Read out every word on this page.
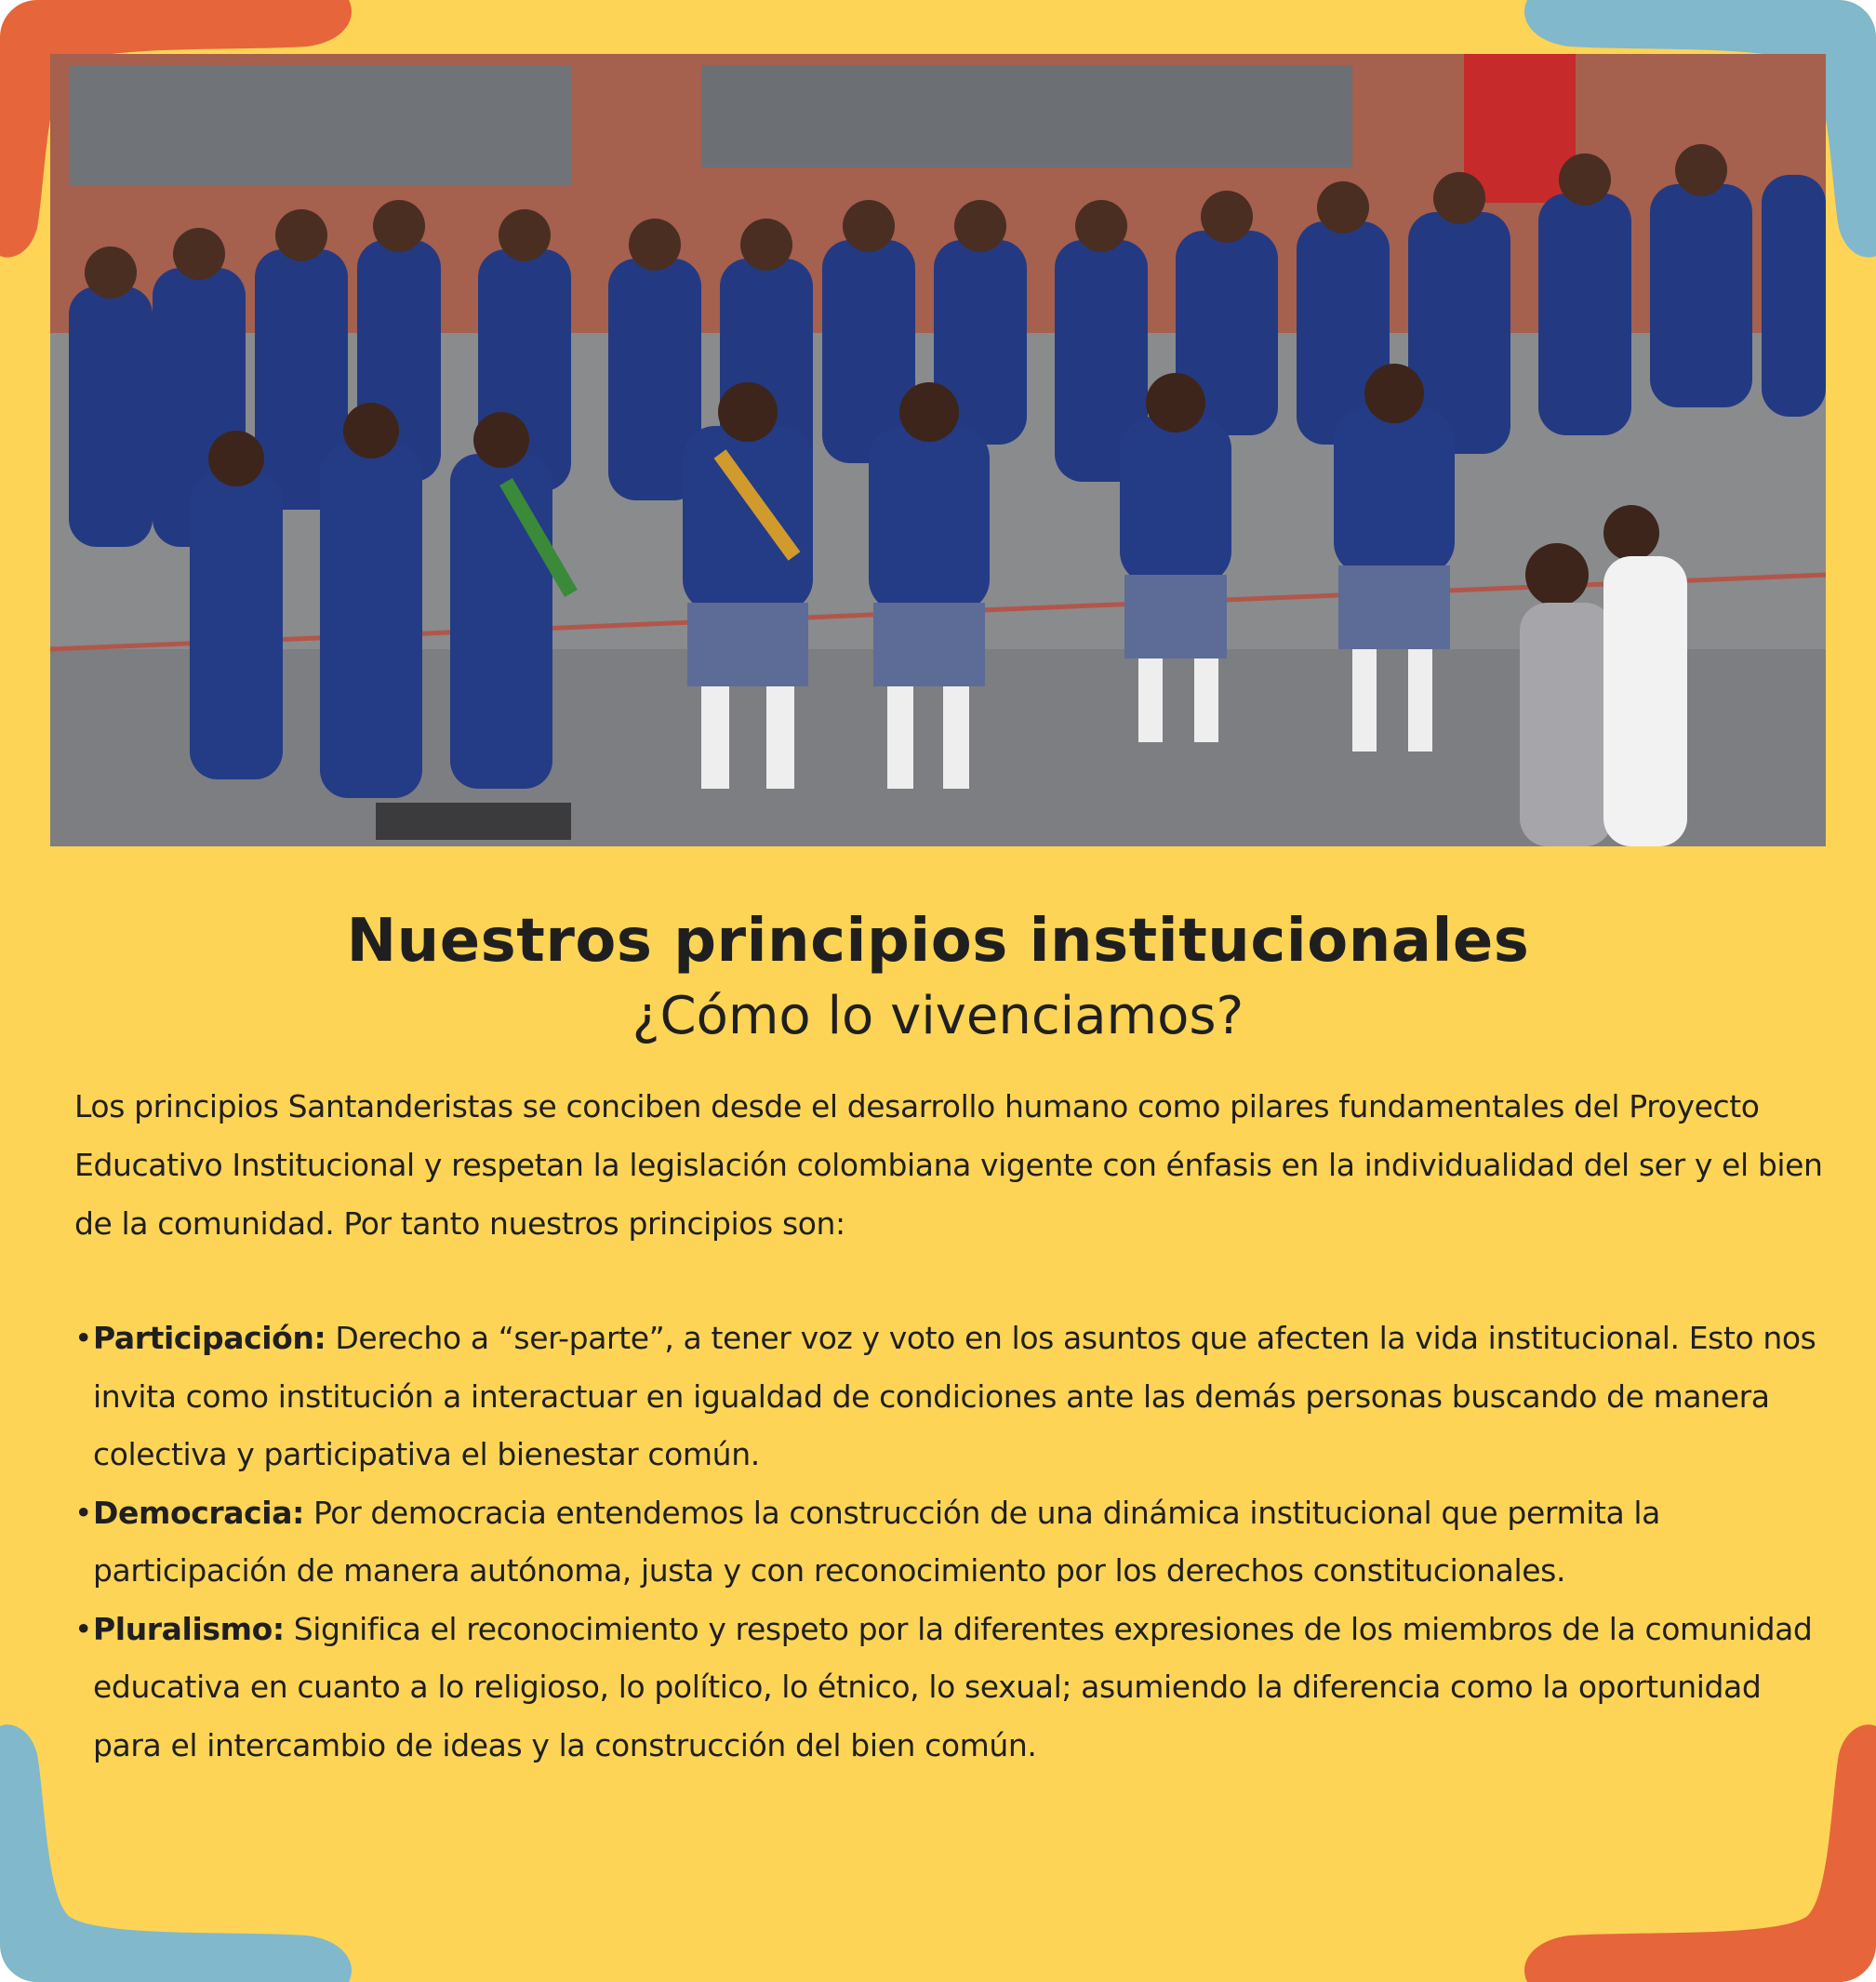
Nuestros principios institucionales
¿Cómo lo vivenciamos?
Los principios Santanderistas se conciben desde el desarrollo humano como pilares fundamentales del Proyecto Educativo Institucional y respetan la legislación colombiana vigente con énfasis en la individualidad del ser y el bien de la comunidad. Por tanto nuestros principios son:
• Participación: Derecho a “ser-parte”, a tener voz y voto en los asuntos que afecten la vida institucional. Esto nos invita como institución a interactuar en igualdad de condiciones ante las demás personas buscando de manera colectiva y participativa el bienestar común.
• Democracia: Por democracia entendemos la construcción de una dinámica institucional que permita la participación de manera autónoma, justa y con reconocimiento por los derechos constitucionales.
• Pluralismo: Significa el reconocimiento y respeto por la diferentes expresiones de los miembros de la comunidad educativa en cuanto a lo religioso, lo político, lo étnico, lo sexual; asumiendo la diferencia como la oportunidad para el intercambio de ideas y la construcción del bien común.
